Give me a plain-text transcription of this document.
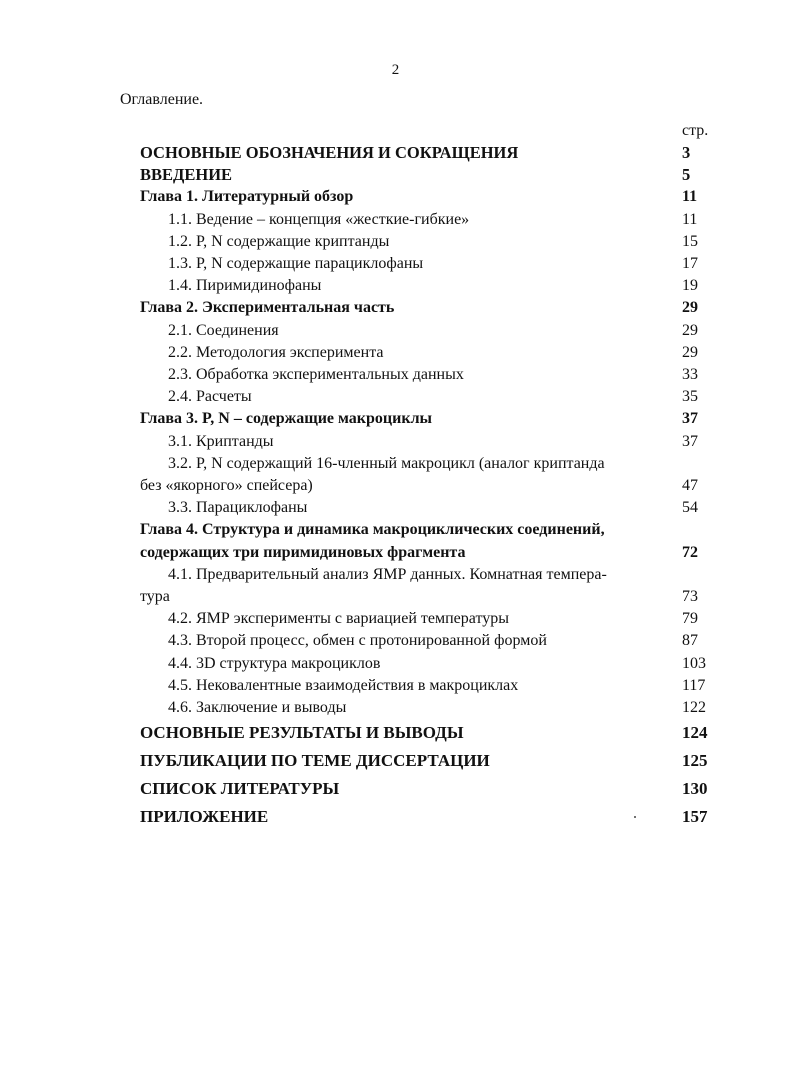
2
Оглавление.
стр.
ОСНОВНЫЕ ОБОЗНАЧЕНИЯ И СОКРАЩЕНИЯ	3
ВВЕДЕНИЕ	5
Глава 1. Литературный обзор	11
1.1. Ведение – концепция «жесткие-гибкие»	11
1.2. P, N содержащие криптанды	15
1.3. P, N содержащие парациклофаны	17
1.4. Пиримидинофаны	19
Глава 2. Экспериментальная часть	29
2.1. Соединения	29
2.2. Методология эксперимента	29
2.3. Обработка экспериментальных данных	33
2.4. Расчеты	35
Глава 3. P, N – содержащие макроциклы	37
3.1. Криптанды	37
3.2. P, N содержащий 16-членный макроцикл (аналог криптанда
без «якорного» спейсера)	47
3.3. Парациклофаны	54
Глава 4. Структура и динамика макроциклических соединений,
содержащих три пиримидиновых фрагмента	72
4.1. Предварительный анализ ЯМР данных. Комнатная темпера-
тура	73
4.2. ЯМР эксперименты с вариацией температуры	79
4.3. Второй процесс, обмен с протонированной формой	87
4.4. 3D структура макроциклов	103
4.5. Нековалентные взаимодействия в макроциклах	117
4.6. Заключение и выводы	122
ОСНОВНЫЕ РЕЗУЛЬТАТЫ И ВЫВОДЫ	124
ПУБЛИКАЦИИ ПО ТЕМЕ ДИССЕРТАЦИИ	125
СПИСОК ЛИТЕРАТУРЫ	130
ПРИЛОЖЕНИЕ	157
